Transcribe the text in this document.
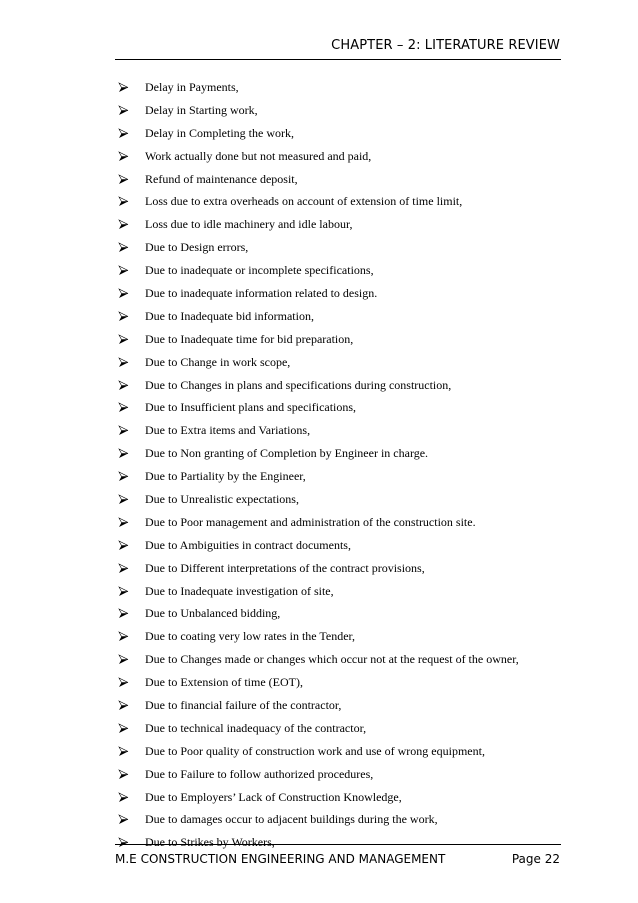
CHAPTER – 2: LITERATURE REVIEW
Delay in Payments,
Delay in Starting work,
Delay in Completing the work,
Work actually done but not measured and paid,
Refund of maintenance deposit,
Loss due to extra overheads on account of extension of time limit,
Loss due to idle machinery and idle labour,
Due to Design errors,
Due to inadequate or incomplete specifications,
Due to inadequate information related to design.
Due to Inadequate bid information,
Due to Inadequate time for bid preparation,
Due to Change in work scope,
Due to Changes in plans and specifications during construction,
Due to Insufficient plans and specifications,
Due to Extra items and Variations,
Due to Non granting of Completion by Engineer in charge.
Due to Partiality by the Engineer,
Due to Unrealistic expectations,
Due to Poor management and administration of the construction site.
Due to Ambiguities in contract documents,
Due to Different interpretations of the contract provisions,
Due to Inadequate investigation of site,
Due to Unbalanced bidding,
Due to coating very low rates in the Tender,
Due to Changes made or changes which occur not at the request of the owner,
Due to Extension of time (EOT),
Due to financial failure of the contractor,
Due to technical inadequacy of the contractor,
Due to Poor quality of construction work and use of wrong equipment,
Due to Failure to follow authorized procedures,
Due to Employers’ Lack of Construction Knowledge,
Due to damages occur to adjacent buildings during the work,
Due to Strikes by Workers,
M.E CONSTRUCTION ENGINEERING AND MANAGEMENT	Page 22
